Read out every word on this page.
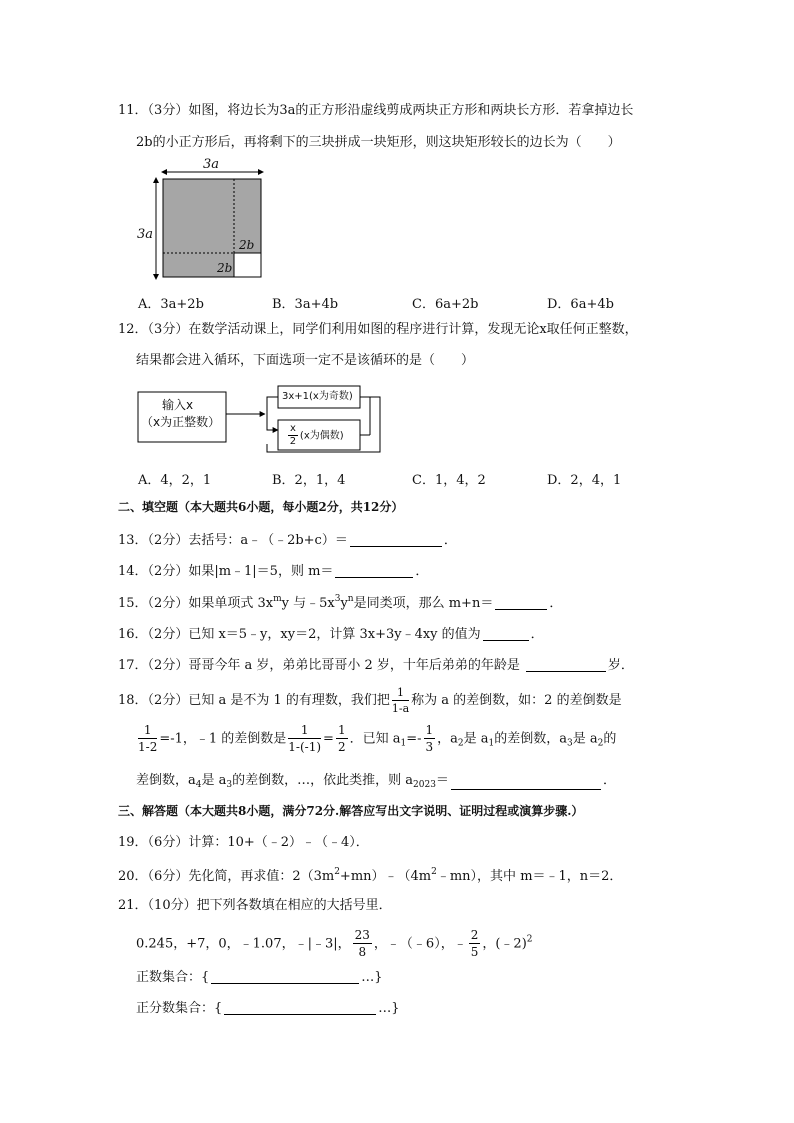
11．（3分）如图，将边长为3a的正方形沿虚线剪成两块正方形和两块长方形．若拿掉边长
2b的小正方形后，再将剩下的三块拼成一块矩形，则这块矩形较长的边长为（　　）
3a
3a
2b
2b
A．3a+2b	B．3a+4b	C．6a+2b	D．6a+4b
12．（3分）在数学活动课上，同学们利用如图的程序进行计算，发现无论x取任何正整数，
结果都会进入循环，下面选项一定不是该循环的是（　　）
输入x
（x为正整数）
3x+1(x为奇数)
$\frac{x}{2} (x$为偶数)
A．4，2，1	B．2，1，4	C．1，4，2	D．2，4，1
二、填空题（本大题共6小题，每小题2分，共12分）
13．（2分）去括号：a﹣（﹣2b+c）＝	．
14．（2分）如果|m﹣1|＝5，则 m＝	．
15．（2分）如果单项式 $3x^my$ 与$﹣5x^3y^n$是同类项，那么 m+n＝	．
16．（2分）已知 x＝5﹣y，xy＝2，计算 3x+3y﹣4xy 的值为	．
17．（2分）哥哥今年 a 岁，弟弟比哥哥小 2 岁，十年后弟弟的年龄是	岁．
18．（2分）已知 a 是不为 1 的有理数，我们把 $\frac{1}{1-a}$ 称为 a 的差倒数，如：2 的差倒数是
$\frac{1}{1-2} =-1$，﹣1 的差倒数是 $\frac{1}{1-(-1)} = \frac{1}{2}$ ．已知 $a_1=- \frac{1}{3}$ ，$a_2$是 $a_1$的差倒数，$a_3$是 $a_2$的
差倒数，$a_4$是 $a_3$的差倒数，…，依此类推，则 $a_{2023}=$	．
三、解答题（本大题共8小题，满分72分.解答应写出文字说明、证明过程或演算步骤.）
19．（6分）计算：10+（﹣2）﹣（﹣4）．
20．（6分）先化简，再求值：$2(3m^2+mn)﹣(4m^2﹣mn)$，其中 m＝﹣1，n＝2．
21．（10分）把下列各数填在相应的大括号里．
0.245，+7，0，﹣1.07，﹣|﹣3|， $\frac{23}{8}$ ，﹣（﹣6），﹣ $\frac{2}{5}$ ，(﹣2)$^2$
正数集合：{	…}
正分数集合：{	…}
